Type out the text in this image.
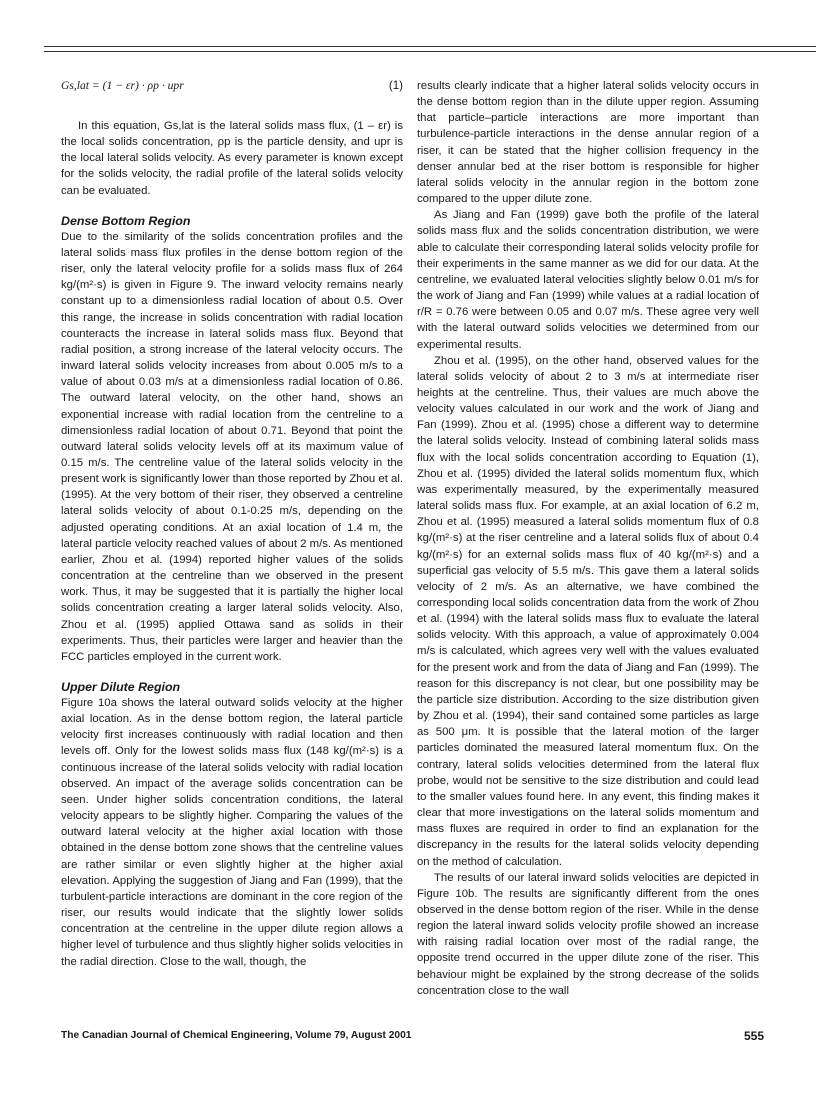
Gs,lat = (1 − εr) · ρp · upr	(1)

In this equation, Gs,lat is the lateral solids mass flux, (1 – εr) is the local solids concentration, ρp is the particle density, and upr is the local lateral solids velocity. As every parameter is known except for the solids velocity, the radial profile of the lateral solids velocity can be evaluated.

Dense Bottom Region

Due to the similarity of the solids concentration profiles and the lateral solids mass flux profiles in the dense bottom region of the riser, only the lateral velocity profile for a solids mass flux of 264 kg/(m²·s) is given in Figure 9. The inward velocity remains nearly constant up to a dimensionless radial location of about 0.5. Over this range, the increase in solids concentration with radial location counteracts the increase in lateral solids mass flux. Beyond that radial position, a strong increase of the lateral velocity occurs. The inward lateral solids velocity increases from about 0.005 m/s to a value of about 0.03 m/s at a dimensionless radial location of 0.86. The outward lateral velocity, on the other hand, shows an exponential increase with radial location from the centreline to a dimensionless radial location of about 0.71. Beyond that point the outward lateral solids velocity levels off at its maximum value of 0.15 m/s. The centreline value of the lateral solids velocity in the present work is significantly lower than those reported by Zhou et al. (1995). At the very bottom of their riser, they observed a centreline lateral solids velocity of about 0.1-0.25 m/s, depending on the adjusted operating conditions. At an axial location of 1.4 m, the lateral particle velocity reached values of about 2 m/s. As mentioned earlier, Zhou et al. (1994) reported higher values of the solids concentration at the centreline than we observed in the present work. Thus, it may be suggested that it is partially the higher local solids concentration creating a larger lateral solids velocity. Also, Zhou et al. (1995) applied Ottawa sand as solids in their experiments. Thus, their particles were larger and heavier than the FCC particles employed in the current work.

Upper Dilute Region

Figure 10a shows the lateral outward solids velocity at the higher axial location. As in the dense bottom region, the lateral particle velocity first increases continuously with radial location and then levels off. Only for the lowest solids mass flux (148 kg/(m²·s) is a continuous increase of the lateral solids velocity with radial location observed. An impact of the average solids concentration can be seen. Under higher solids concentration conditions, the lateral velocity appears to be slightly higher. Comparing the values of the outward lateral velocity at the higher axial location with those obtained in the dense bottom zone shows that the centreline values are rather similar or even slightly higher at the higher axial elevation. Applying the suggestion of Jiang and Fan (1999), that the turbulent-particle interactions are dominant in the core region of the riser, our results would indicate that the slightly lower solids concentration at the centreline in the upper dilute region allows a higher level of turbulence and thus slightly higher solids velocities in the radial direction. Close to the wall, though, the

results clearly indicate that a higher lateral solids velocity occurs in the dense bottom region than in the dilute upper region. Assuming that particle–particle interactions are more important than turbulence-particle interactions in the dense annular region of a riser, it can be stated that the higher collision frequency in the denser annular bed at the riser bottom is responsible for higher lateral solids velocity in the annular region in the bottom zone compared to the upper dilute zone.

As Jiang and Fan (1999) gave both the profile of the lateral solids mass flux and the solids concentration distribution, we were able to calculate their corresponding lateral solids velocity profile for their experiments in the same manner as we did for our data. At the centreline, we evaluated lateral velocities slightly below 0.01 m/s for the work of Jiang and Fan (1999) while values at a radial location of r/R = 0.76 were between 0.05 and 0.07 m/s. These agree very well with the lateral outward solids velocities we determined from our experimental results.

Zhou et al. (1995), on the other hand, observed values for the lateral solids velocity of about 2 to 3 m/s at intermediate riser heights at the centreline. Thus, their values are much above the velocity values calculated in our work and the work of Jiang and Fan (1999). Zhou et al. (1995) chose a different way to determine the lateral solids velocity. Instead of combining lateral solids mass flux with the local solids concentration according to Equation (1), Zhou et al. (1995) divided the lateral solids momentum flux, which was experimentally measured, by the experimentally measured lateral solids mass flux. For example, at an axial location of 6.2 m, Zhou et al. (1995) measured a lateral solids momentum flux of 0.8 kg/(m²·s) at the riser centreline and a lateral solids flux of about 0.4 kg/(m²·s) for an external solids mass flux of 40 kg/(m²·s) and a superficial gas velocity of 5.5 m/s. This gave them a lateral solids velocity of 2 m/s. As an alternative, we have combined the corresponding local solids concentration data from the work of Zhou et al. (1994) with the lateral solids mass flux to evaluate the lateral solids velocity. With this approach, a value of approximately 0.004 m/s is calculated, which agrees very well with the values evaluated for the present work and from the data of Jiang and Fan (1999). The reason for this discrepancy is not clear, but one possibility may be the particle size distribution. According to the size distribution given by Zhou et al. (1994), their sand contained some particles as large as 500 μm. It is possible that the lateral motion of the larger particles dominated the measured lateral momentum flux. On the contrary, lateral solids velocities determined from the lateral flux probe, would not be sensitive to the size distribution and could lead to the smaller values found here. In any event, this finding makes it clear that more investigations on the lateral solids momentum and mass fluxes are required in order to find an explanation for the discrepancy in the results for the lateral solids velocity depending on the method of calculation.

The results of our lateral inward solids velocities are depicted in Figure 10b. The results are significantly different from the ones observed in the dense bottom region of the riser. While in the dense region the lateral inward solids velocity profile showed an increase with raising radial location over most of the radial range, the opposite trend occurred in the upper dilute zone of the riser. This behaviour might be explained by the strong decrease of the solids concentration close to the wall

The Canadian Journal of Chemical Engineering, Volume 79, August 2001	555
